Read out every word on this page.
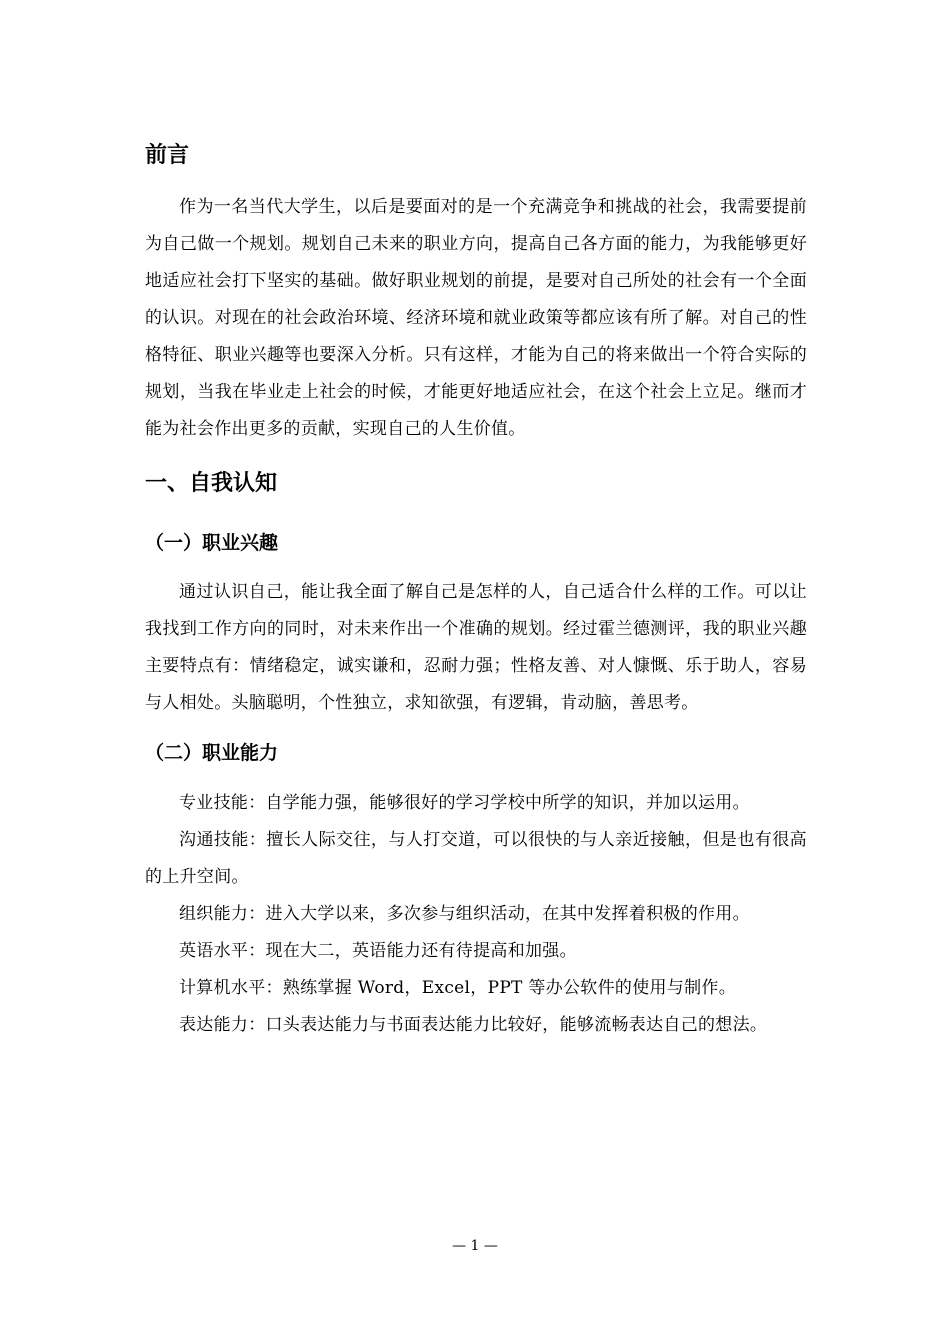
前言
作为一名当代大学生，以后是要面对的是一个充满竞争和挑战的社会，我需要提前为自己做一个规划。规划自己未来的职业方向，提高自己各方面的能力，为我能够更好地适应社会打下坚实的基础。做好职业规划的前提，是要对自己所处的社会有一个全面的认识。对现在的社会政治环境、经济环境和就业政策等都应该有所了解。对自己的性格特征、职业兴趣等也要深入分析。只有这样，才能为自己的将来做出一个符合实际的规划，当我在毕业走上社会的时候，才能更好地适应社会，在这个社会上立足。继而才能为社会作出更多的贡献，实现自己的人生价值。
一、自我认知
（一）职业兴趣
通过认识自己，能让我全面了解自己是怎样的人，自己适合什么样的工作。可以让我找到工作方向的同时，对未来作出一个准确的规划。经过霍兰德测评，我的职业兴趣主要特点有：情绪稳定，诚实谦和，忍耐力强；性格友善、对人慷慨、乐于助人，容易与人相处。头脑聪明，个性独立，求知欲强，有逻辑，肯动脑，善思考。
（二）职业能力
专业技能：自学能力强，能够很好的学习学校中所学的知识，并加以运用。
沟通技能：擅长人际交往，与人打交道，可以很快的与人亲近接触，但是也有很高的上升空间。
组织能力：进入大学以来，多次参与组织活动，在其中发挥着积极的作用。
英语水平：现在大二，英语能力还有待提高和加强。
计算机水平：熟练掌握 Word，Excel，PPT 等办公软件的使用与制作。
表达能力：口头表达能力与书面表达能力比较好，能够流畅表达自己的想法。
— 1 —
